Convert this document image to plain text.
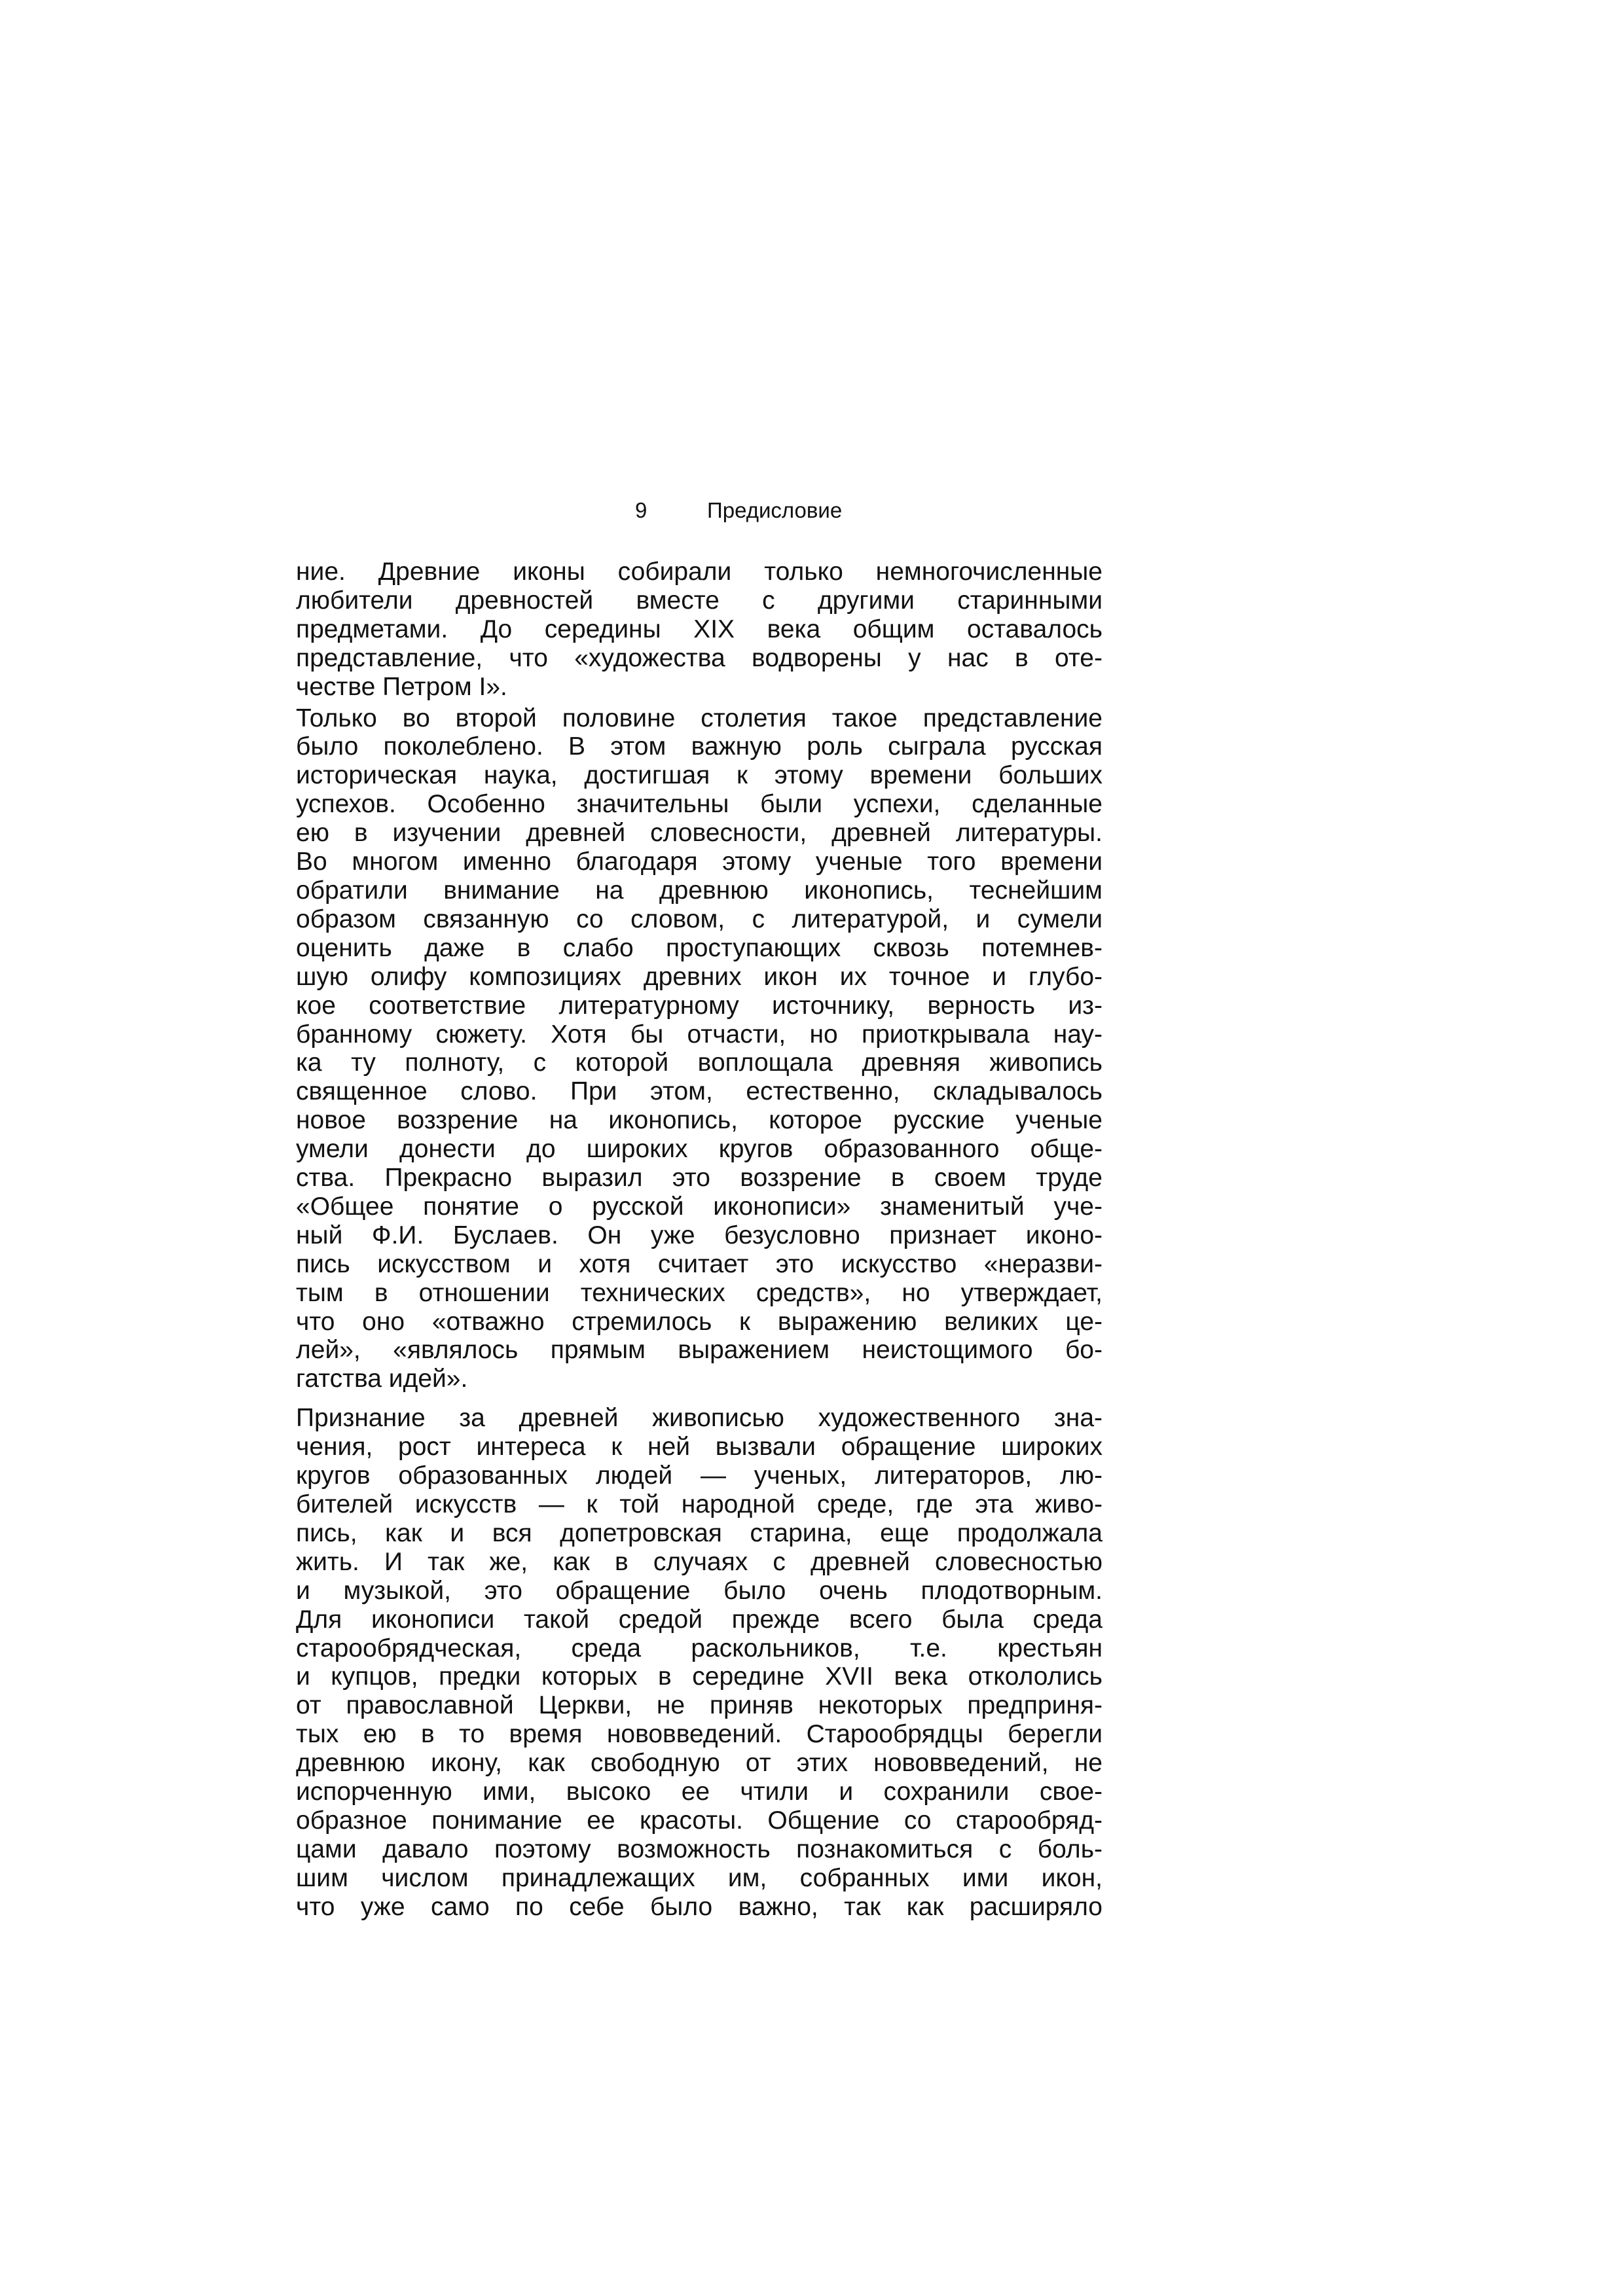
9	Предисловие

ние. Древние иконы собирали только немногочисленные
любители древностей вместе с другими старинными
предметами. До середины XIX века общим оставалось
представление, что «художества водворены у нас в оте-
честве Петром I».

Только во второй половине столетия такое представление
было поколеблено. В этом важную роль сыграла русская
историческая наука, достигшая к этому времени больших
успехов. Особенно значительны были успехи, сделанные
ею в изучении древней словесности, древней литературы.
Во многом именно благодаря этому ученые того времени
обратили внимание на древнюю иконопись, теснейшим
образом связанную со словом, с литературой, и сумели
оценить даже в слабо проступающих сквозь потемнев-
шую олифу композициях древних икон их точное и глубо-
кое соответствие литературному источнику, верность из-
бранному сюжету. Хотя бы отчасти, но приоткрывала нау-
ка ту полноту, с которой воплощала древняя живопись
священное слово. При этом, естественно, складывалось
новое воззрение на иконопись, которое русские ученые
умели донести до широких кругов образованного обще-
ства. Прекрасно выразил это воззрение в своем труде
«Общее понятие о русской иконописи» знаменитый уче-
ный Ф.И. Буслаев. Он уже безусловно признает иконо-
пись искусством и хотя считает это искусство «неразви-
тым в отношении технических средств», но утверждает,
что оно «отважно стремилось к выражению великих це-
лей», «являлось прямым выражением неистощимого бо-
гатства идей».

Признание за древней живописью художественного зна-
чения, рост интереса к ней вызвали обращение широких
кругов образованных людей — ученых, литераторов, лю-
бителей искусств — к той народной среде, где эта живо-
пись, как и вся допетровская старина, еще продолжала
жить. И так же, как в случаях с древней словесностью
и музыкой, это обращение было очень плодотворным.
Для иконописи такой средой прежде всего была среда
старообрядческая, среда раскольников, т.е. крестьян
и купцов, предки которых в середине XVII века откололись
от православной Церкви, не приняв некоторых предприня-
тых ею в то время нововведений. Старообрядцы берегли
древнюю икону, как свободную от этих нововведений, не
испорченную ими, высоко ее чтили и сохранили свое-
образное понимание ее красоты. Общение со старообряд-
цами давало поэтому возможность познакомиться с боль-
шим числом принадлежащих им, собранных ими икон,
что уже само по себе было важно, так как расширяло
